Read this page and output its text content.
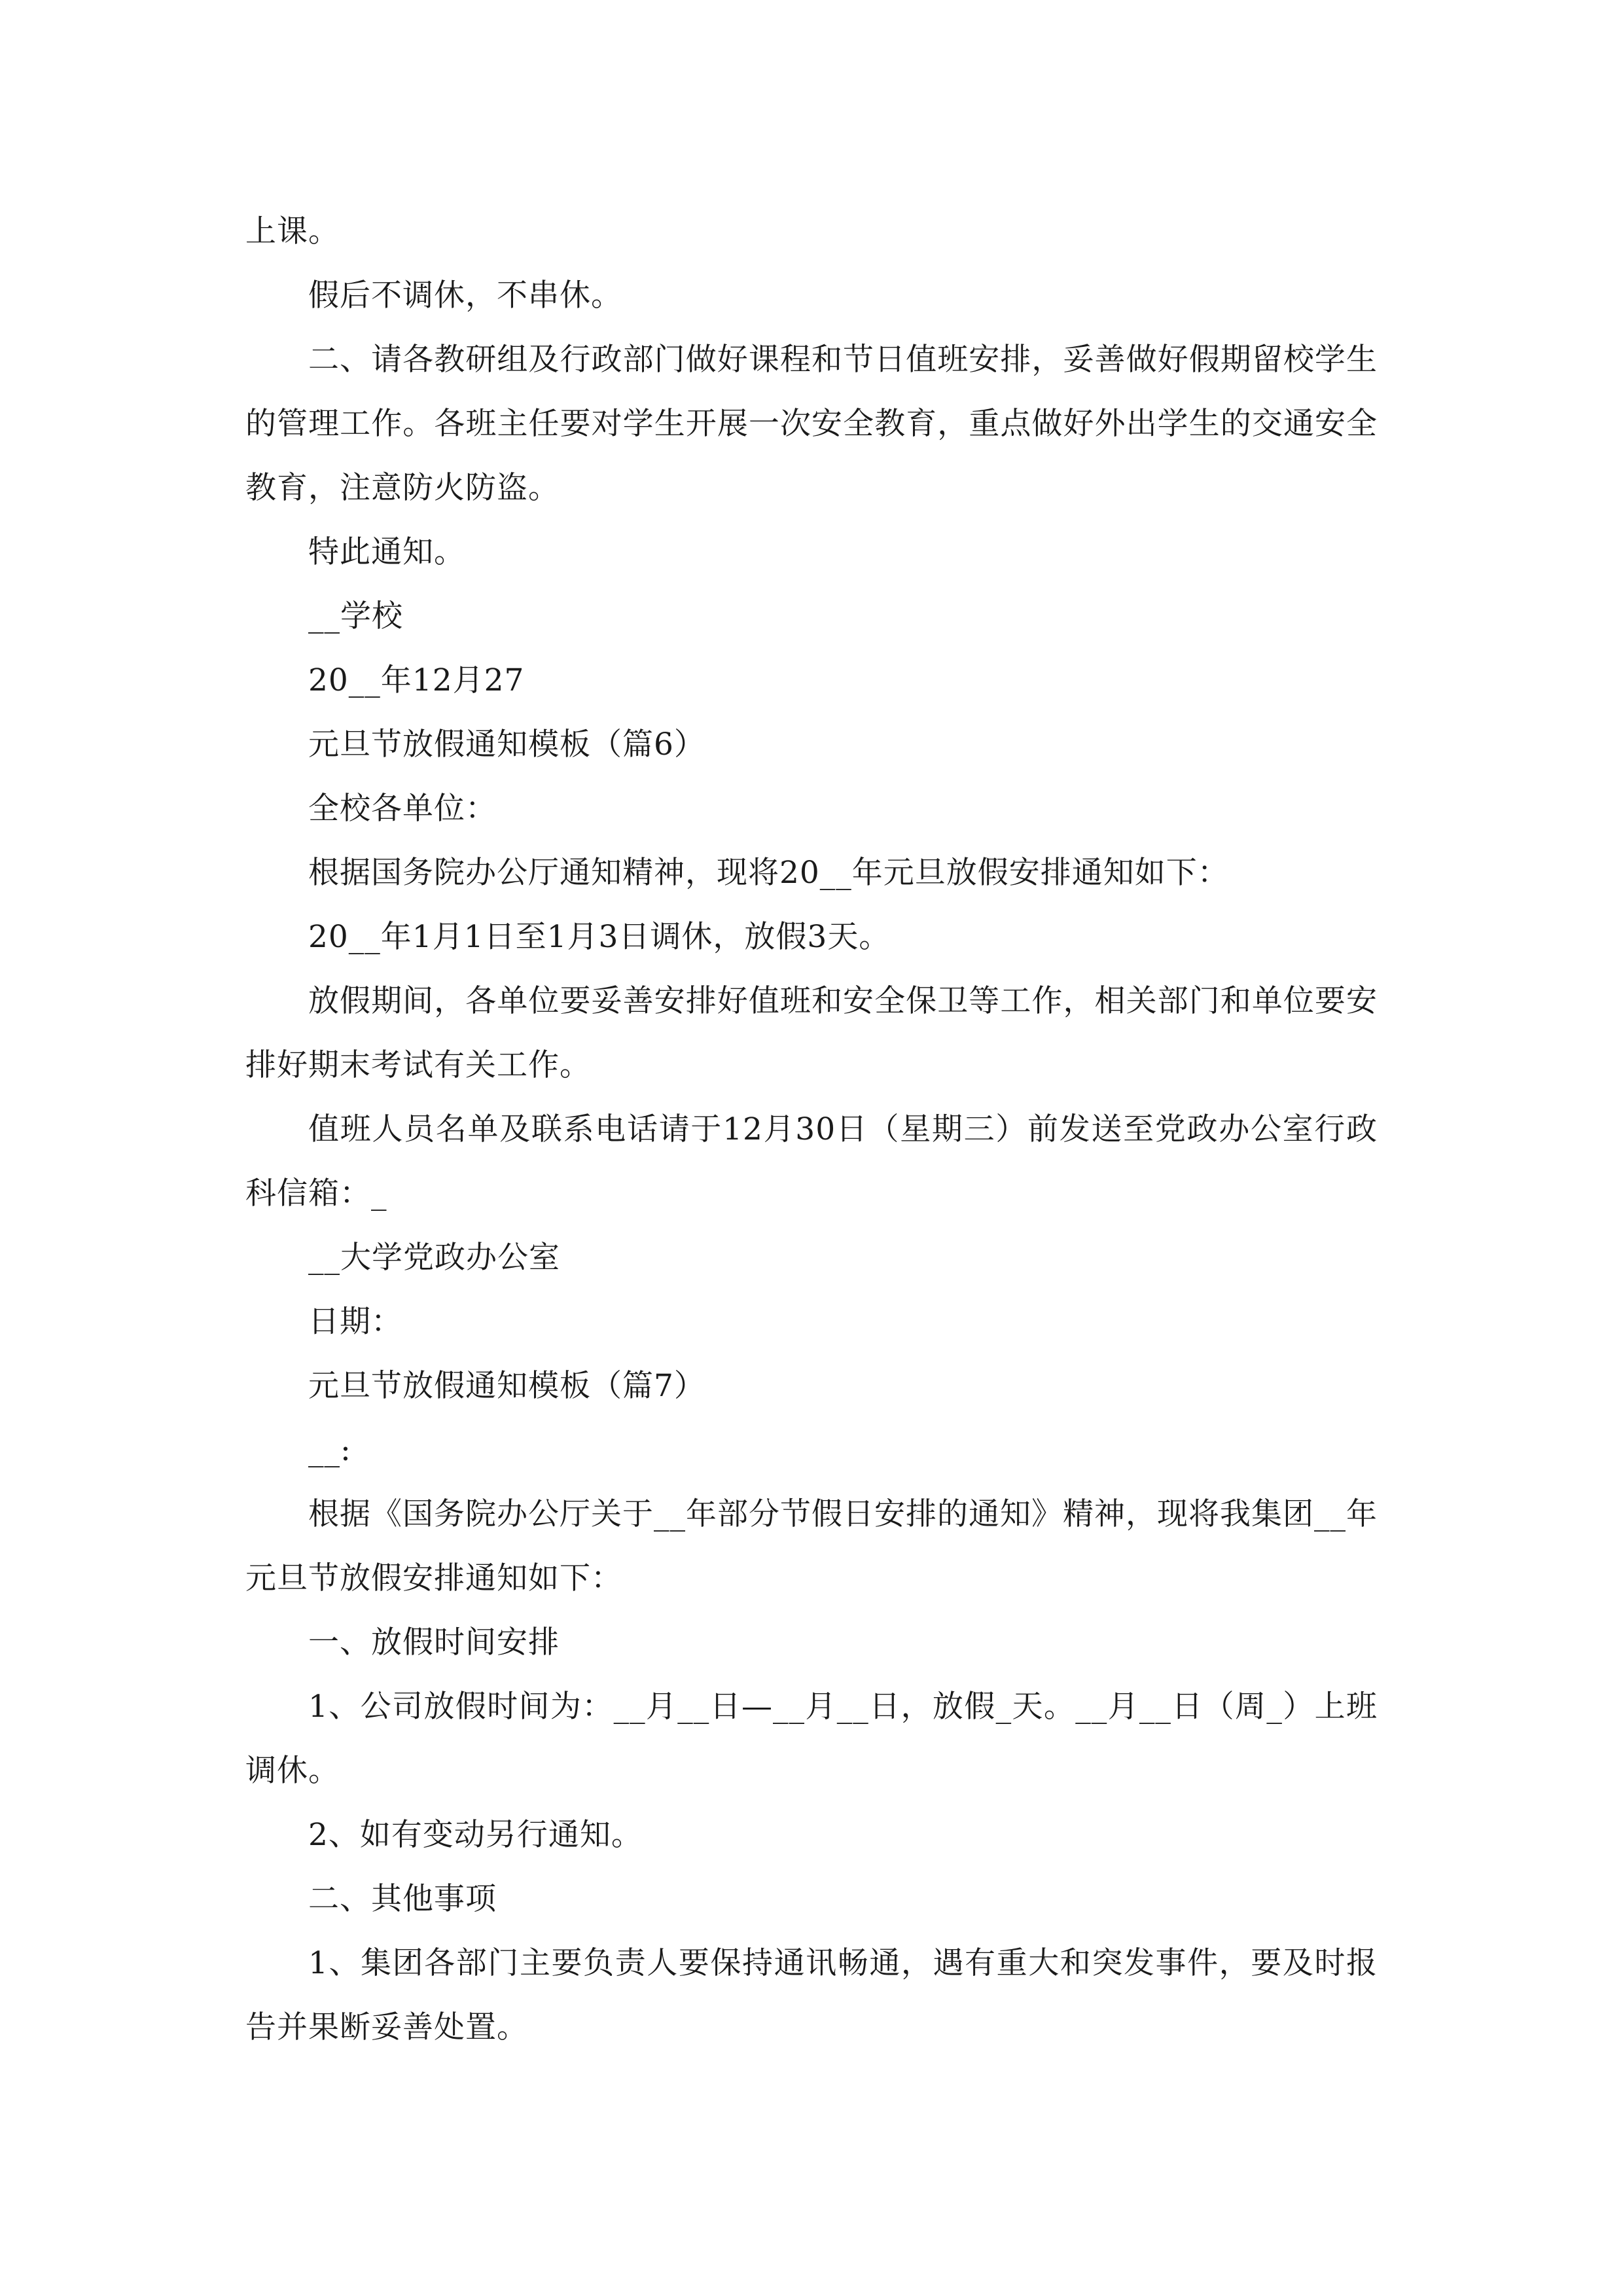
上课。

假后不调休，不串休。

二、请各教研组及行政部门做好课程和节日值班安排，妥善做好假期留校学生的管理工作。各班主任要对学生开展一次安全教育，重点做好外出学生的交通安全教育，注意防火防盗。

特此通知。

__学校

20__年12月27

元旦节放假通知模板（篇6）

全校各单位：

根据国务院办公厅通知精神，现将20__年元旦放假安排通知如下：

20__年1月1日至1月3日调休，放假3天。

放假期间，各单位要妥善安排好值班和安全保卫等工作，相关部门和单位要安排好期末考试有关工作。

值班人员名单及联系电话请于12月30日（星期三）前发送至党政办公室行政科信箱：_

__大学党政办公室

日期：

元旦节放假通知模板（篇7）

__:

根据《国务院办公厅关于__年部分节假日安排的通知》精神，现将我集团__年元旦节放假安排通知如下：

一、放假时间安排

1、公司放假时间为：__月__日—__月__日，放假_天。__月__日（周_）上班调休。

2、如有变动另行通知。

二、其他事项

1、集团各部门主要负责人要保持通讯畅通，遇有重大和突发事件，要及时报告并果断妥善处置。
